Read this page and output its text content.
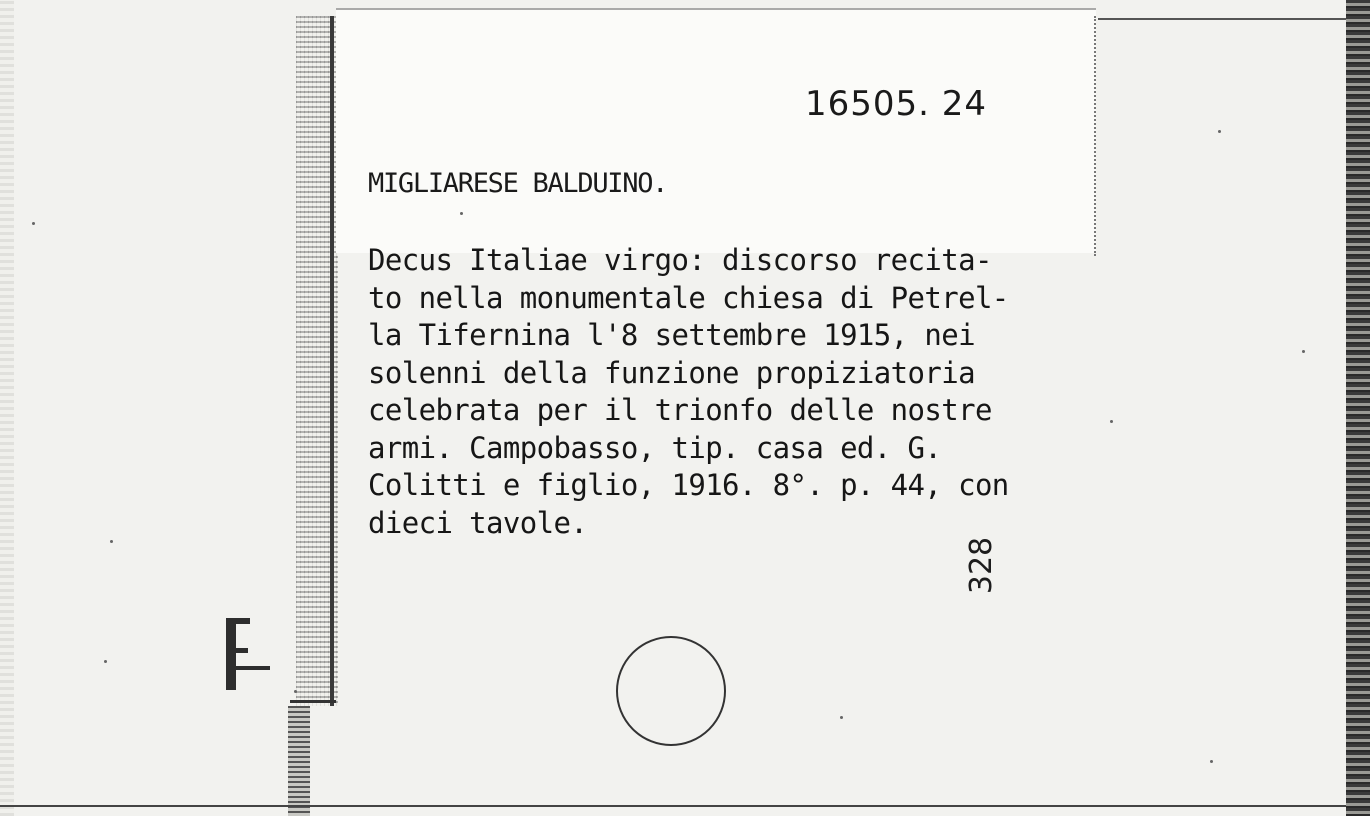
16505. 24
MIGLIARESE BALDUINO.
Decus Italiae virgo: discorso recita-
to nella monumentale chiesa di Petrel-
la Tifernina l'8 settembre 1915, nei
solenni della funzione propiziatoria
celebrata per il trionfo delle nostre
armi. Campobasso, tip. casa ed. G.
Colitti e figlio, 1916. 8°. p. 44, con
dieci tavole.
328
